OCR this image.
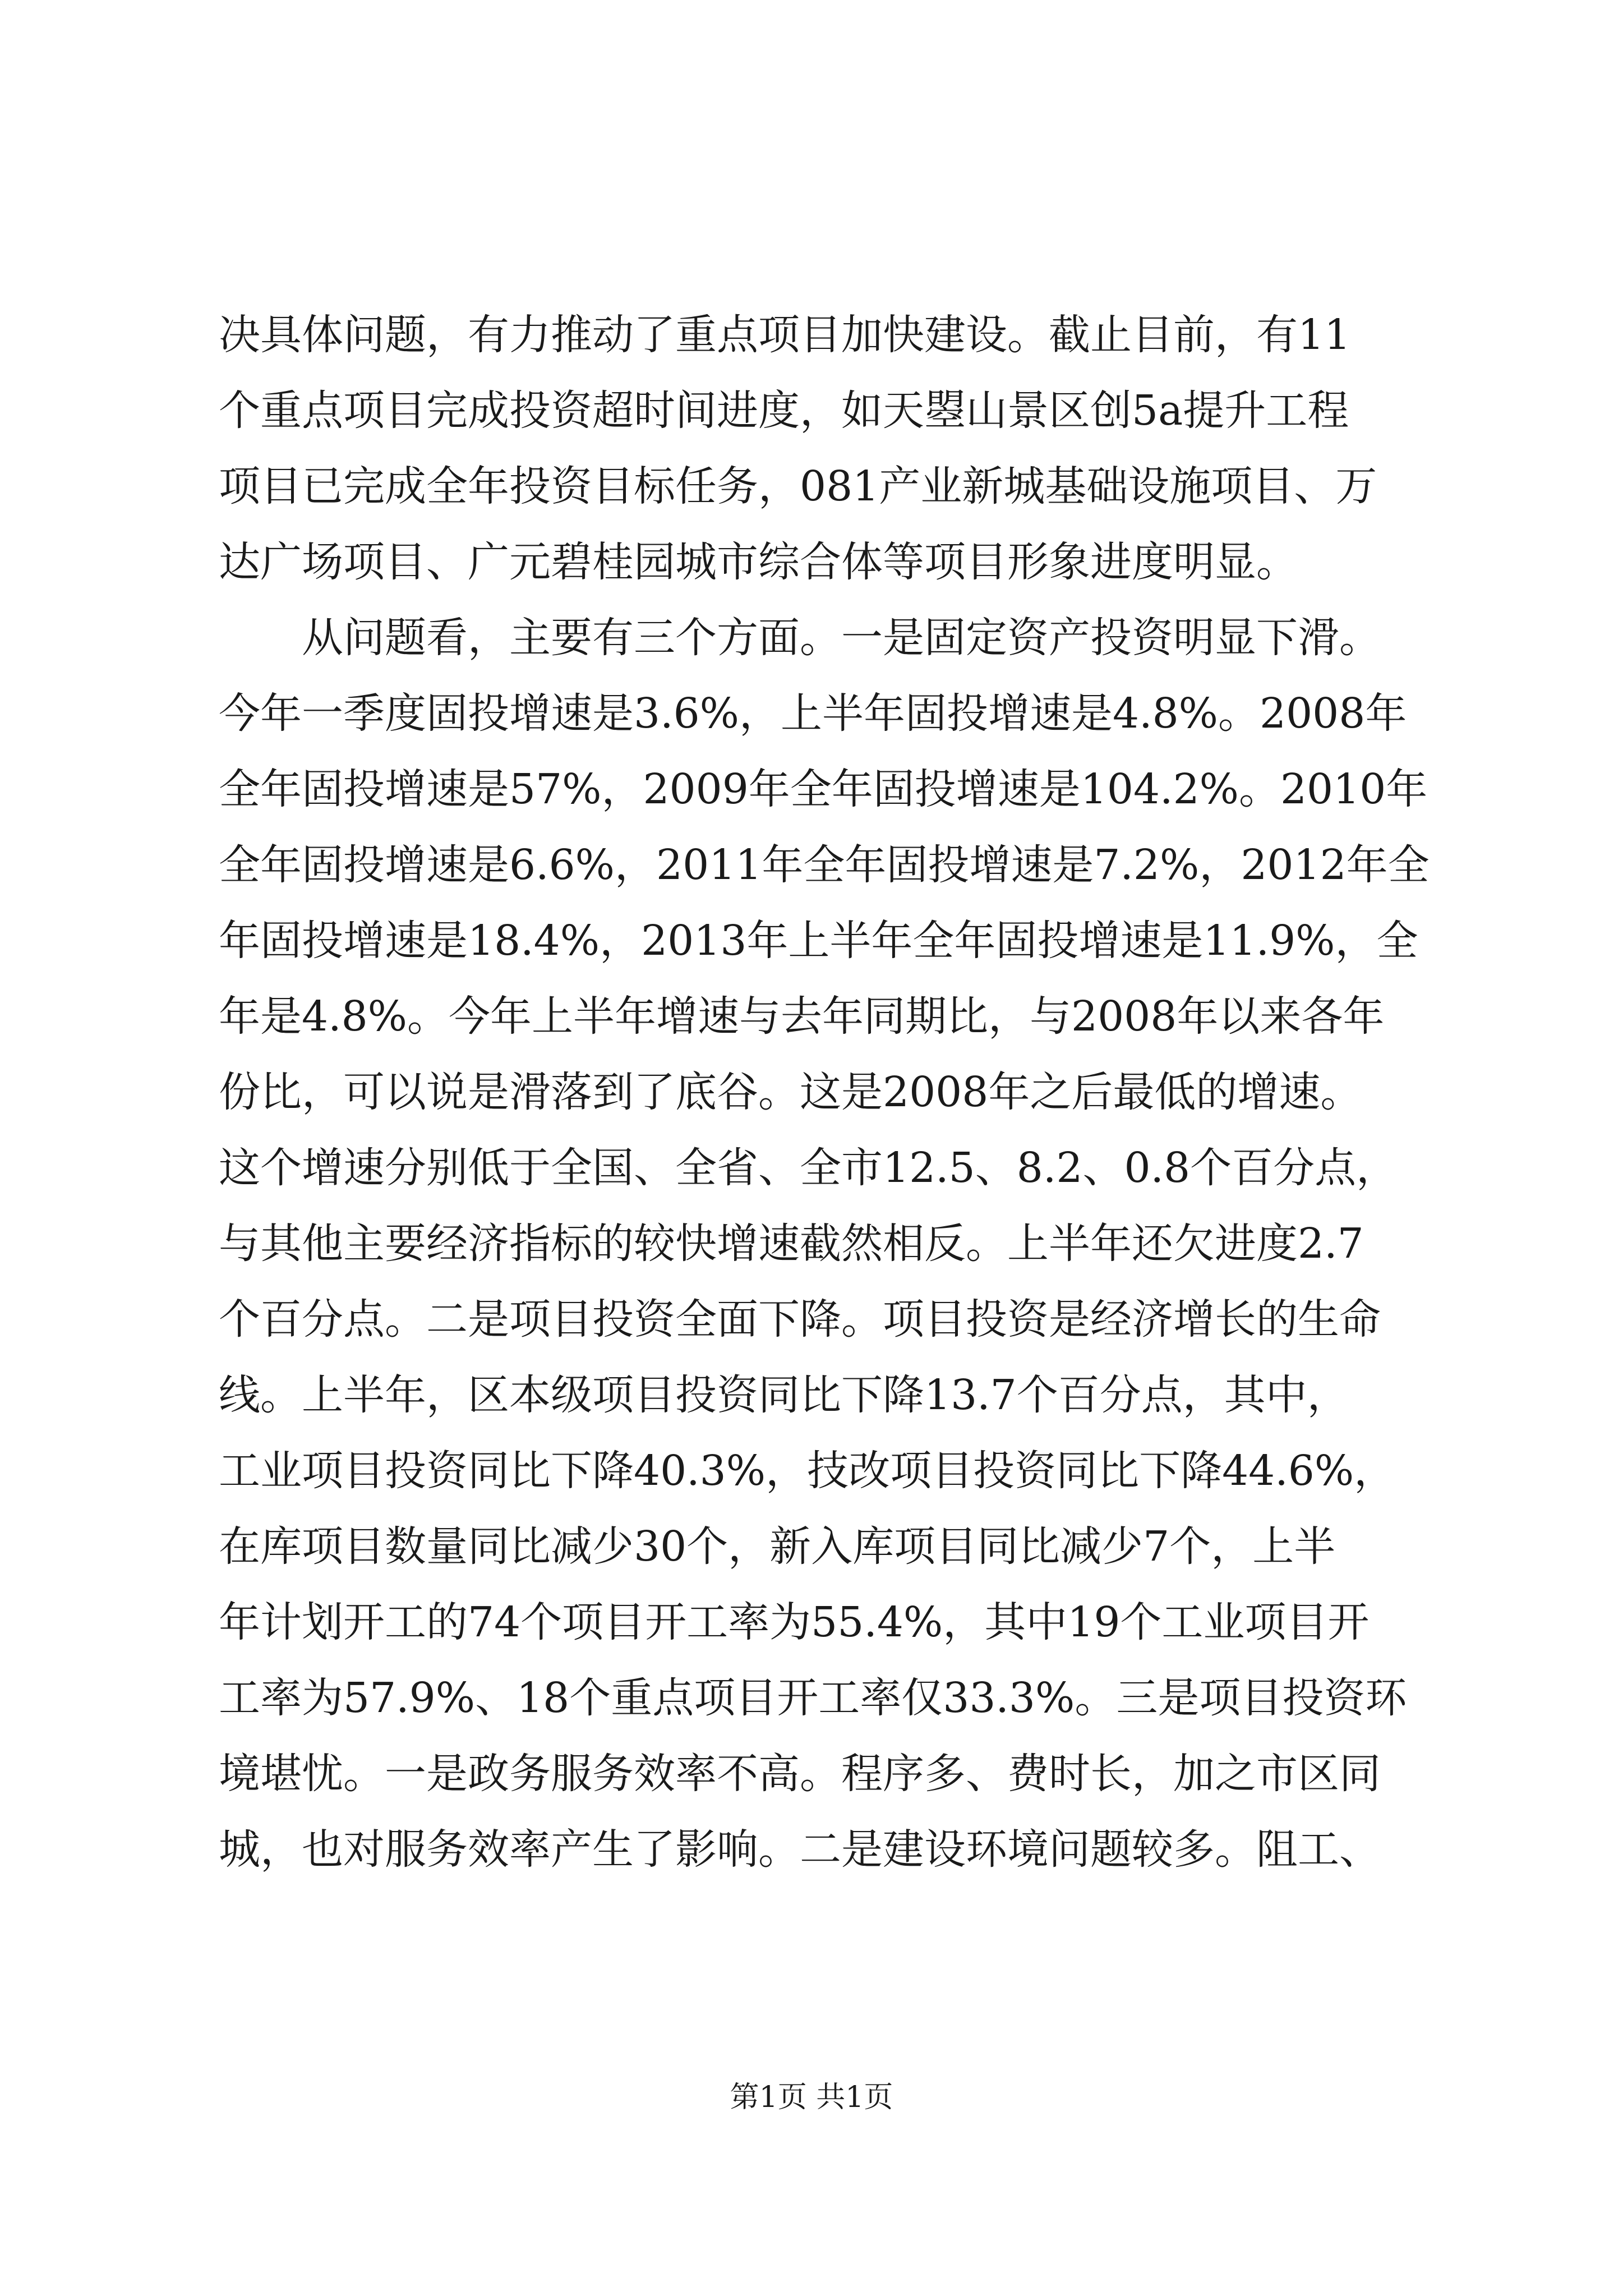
决具体问题，有力推动了重点项目加快建设。截止目前，有11
个重点项目完成投资超时间进度，如天曌山景区创5a提升工程
项目已完成全年投资目标任务，081产业新城基础设施项目、万
达广场项目、广元碧桂园城市综合体等项目形象进度明显。
从问题看，主要有三个方面。一是固定资产投资明显下滑。
今年一季度固投增速是3.6%，上半年固投增速是4.8%。2008年
全年固投增速是57%，2009年全年固投增速是104.2%。2010年
全年固投增速是6.6%，2011年全年固投增速是7.2%，2012年全
年固投增速是18.4%，2013年上半年全年固投增速是11.9%，全
年是4.8%。今年上半年增速与去年同期比，与2008年以来各年
份比，可以说是滑落到了底谷。这是2008年之后最低的增速。
这个增速分别低于全国、全省、全市12.5、8.2、0.8个百分点，
与其他主要经济指标的较快增速截然相反。上半年还欠进度2.7
个百分点。二是项目投资全面下降。项目投资是经济增长的生命
线。上半年，区本级项目投资同比下降13.7个百分点，其中，
工业项目投资同比下降40.3%，技改项目投资同比下降44.6%，
在库项目数量同比减少30个，新入库项目同比减少7个，上半
年计划开工的74个项目开工率为55.4%，其中19个工业项目开
工率为57.9%、18个重点项目开工率仅33.3%。三是项目投资环
境堪忧。一是政务服务效率不高。程序多、费时长，加之市区同
城，也对服务效率产生了影响。二是建设环境问题较多。阻工、
第1页 共1页
